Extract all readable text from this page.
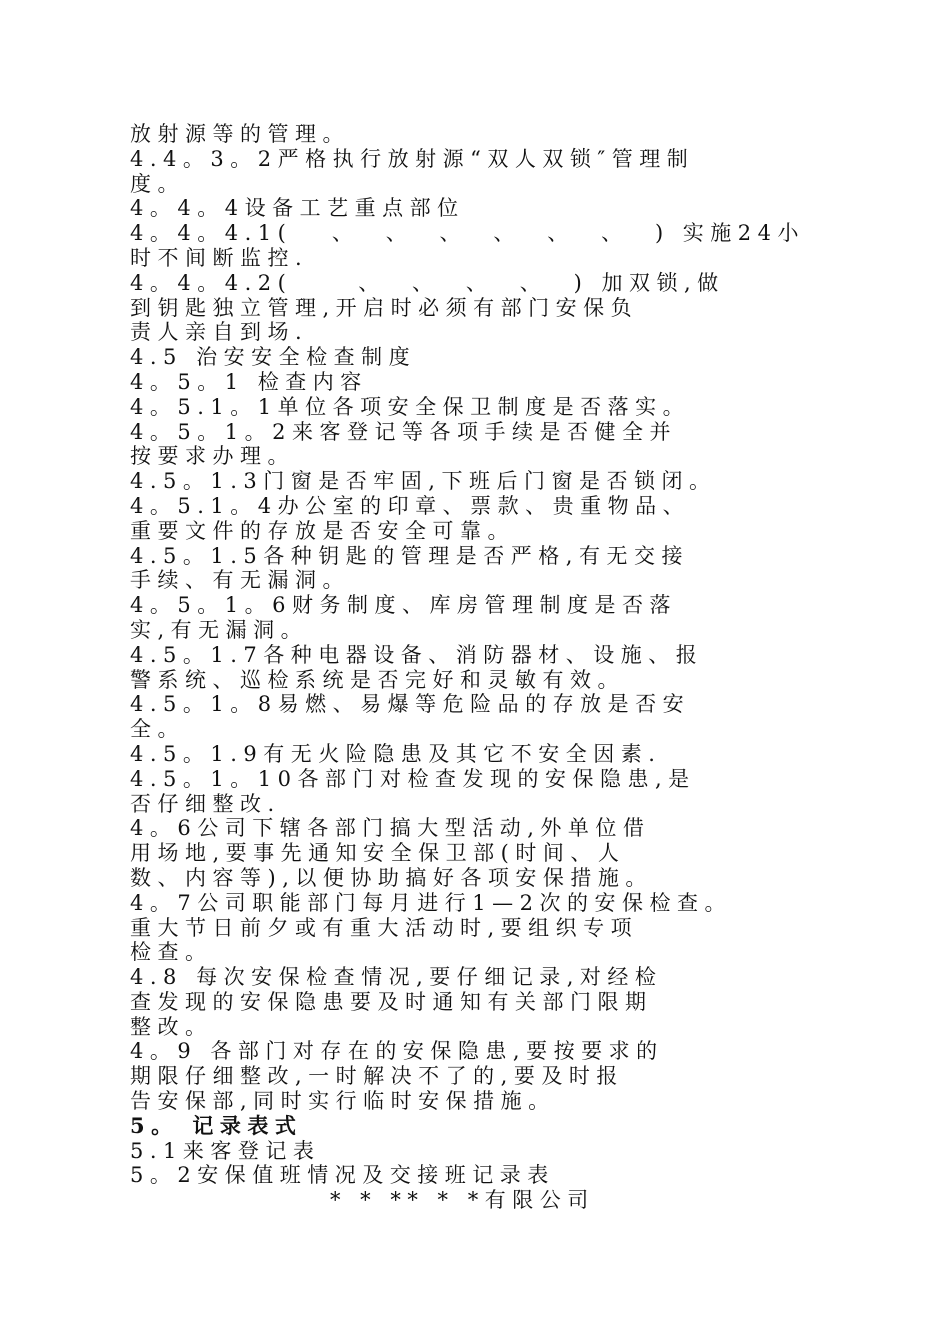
放射源等的管理。

4.4。3。2严格执行放射源“双人双锁″管理制

度。

4。4。4设备工艺重点部位

4。4。4.1(   、  、  、  、  、  、  ) 实施24小

时不间断监控.

4。4。4.2(     、  、  、  、  ) 加双锁,做

到钥匙独立管理,开启时必须有部门安保负

责人亲自到场.

4.5 治安安全检查制度

4。5。1 检查内容

4。5.1。1单位各项安全保卫制度是否落实。

4。5。1。2来客登记等各项手续是否健全并

按要求办理。

4.5。1.3门窗是否牢固,下班后门窗是否锁闭。

4。5.1。4办公室的印章、票款、贵重物品、

重要文件的存放是否安全可靠。

4.5。1.5各种钥匙的管理是否严格,有无交接

手续、有无漏洞。

4。5。1。6财务制度、库房管理制度是否落

实,有无漏洞。

4.5。1.7各种电器设备、消防器材、设施、报

警系统、巡检系统是否完好和灵敏有效。

4.5。1。8易燃、易爆等危险品的存放是否安

全。

4.5。1.9有无火险隐患及其它不安全因素.

4.5。1。10各部门对检查发现的安保隐患,是

否仔细整改.

4。6公司下辖各部门搞大型活动,外单位借

用场地,要事先通知安全保卫部(时间、人

数、内容等),以便协助搞好各项安保措施。

4。7公司职能部门每月进行1—2次的安保检查。

重大节日前夕或有重大活动时,要组织专项

检查。

4.8 每次安保检查情况,要仔细记录,对经检

查发现的安保隐患要及时通知有关部门限期

整改。

4。9 各部门对存在的安保隐患,要按要求的

期限仔细整改,一时解决不了的,要及时报

告安保部,同时实行临时安保措施。

5。 记录表式

5.1来客登记表

5。2安保值班情况及交接班记录表

* * ** * *有限公司
